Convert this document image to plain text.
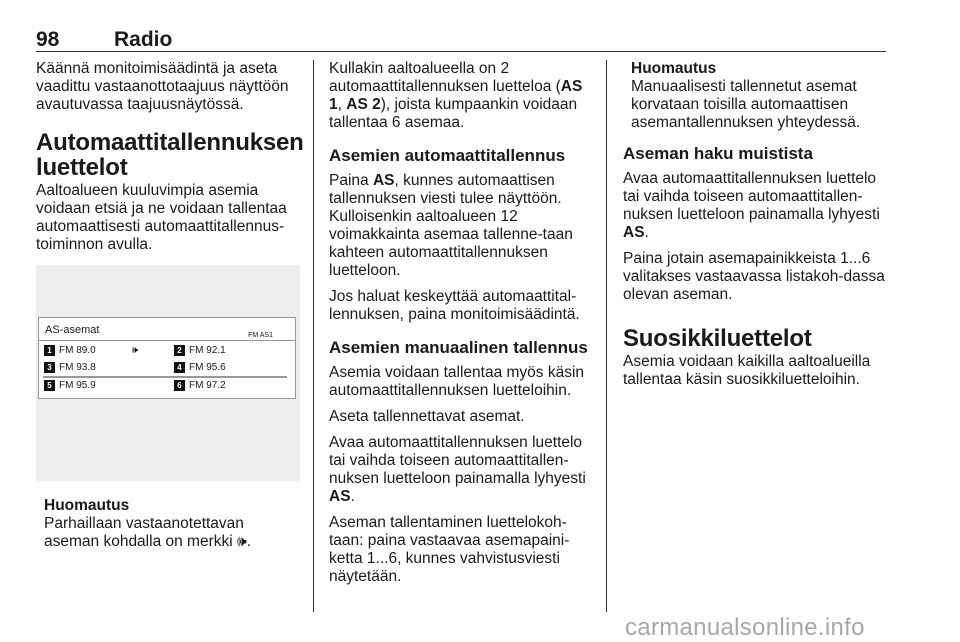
98	Radio

Käännä monitoimisäädintä ja aseta vaadittu vastaanottotaajuus näyttöön avautuvassa taajuusnäytössä.

Automaattitallennuksen luettelot

Aaltoalueen kuuluvimpia asemia voidaan etsiä ja ne voidaan tallentaa automaattisesti automaattitallennus-toiminnon avulla.

AS-asemat	FM AS1
1 FM 89.0	🕪	2 FM 92.1
3 FM 93.8	4 FM 95.6
5 FM 95.9	6 FM 97.2
Huomautus
Parhaillaan vastaanotettavan aseman kohdalla on merkki 🕪.

Kullakin aaltoalueella on 2 automaattitallennuksen luetteloa (AS 1, AS 2), joista kumpaankin voidaan tallentaa 6 asemaa.

Asemien automaattitallennus

Paina AS, kunnes automaattisen tallennuksen viesti tulee näyttöön. Kulloisenkin aaltoalueen 12 voimakkainta asemaa tallenne-taan kahteen automaattitallennuksen luetteloon.

Jos haluat keskeyttää automaattital-lennuksen, paina monitoimisäädintä.

Asemien manuaalinen tallennus

Asemia voidaan tallentaa myös käsin automaattitallennuksen luetteloihin.

Aseta tallennettavat asemat.

Avaa automaattitallennuksen luettelo tai vaihda toiseen automaattitallen-nuksen luetteloon painamalla lyhyesti AS.

Aseman tallentaminen luettelokoh-taan: paina vastaavaa asemapaini-ketta 1...6, kunnes vahvistusviesti näytetään.

Huomautus
Manuaalisesti tallennetut asemat korvataan toisilla automaattisen asemantallennuksen yhteydessä.
Aseman haku muistista

Avaa automaattitallennuksen luettelo tai vaihda toiseen automaattitallen-nuksen luetteloon painamalla lyhyesti AS.

Paina jotain asemapainikkeista 1...6 valitakses vastaavassa listakoh-dassa olevan aseman.

Suosikkiluettelot

Asemia voidaan kaikilla aaltoalueilla tallentaa käsin suosikkiluetteloihin.

carmanualsonline.info
